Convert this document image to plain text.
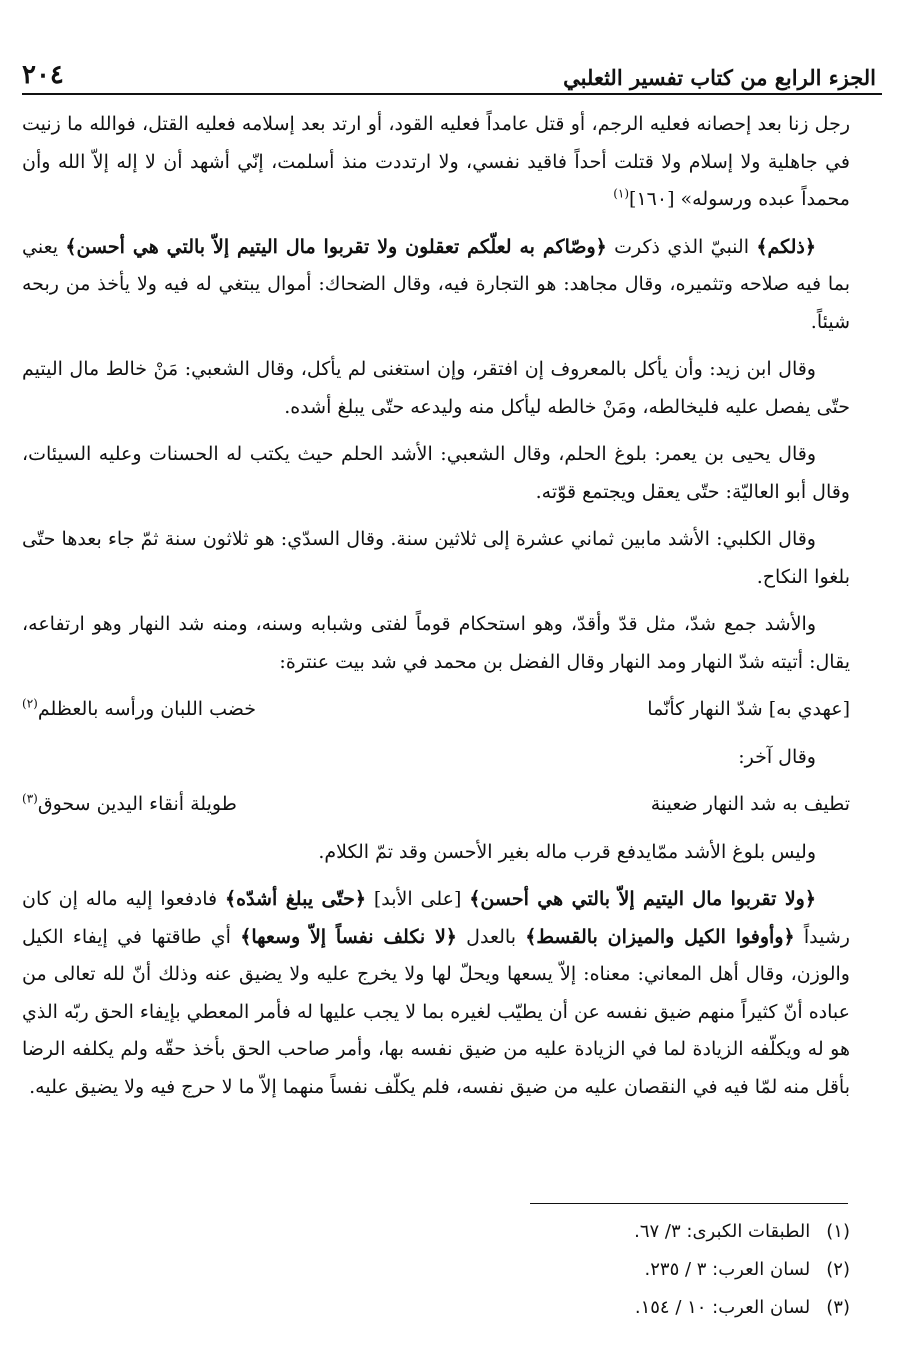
٢٠٤	الجزء الرابع من كتاب تفسير الثعلبي

رجل زنا بعد إحصانه فعليه الرجم، أو قتل عامداً فعليه القود، أو ارتد بعد إسلامه فعليه القتل، فوالله ما زنيت في جاهلية ولا إسلام ولا قتلت أحداً فاقيد نفسي، ولا ارتددت منذ أسلمت، إنّي أشهد أن لا إله إلاّ الله وأن محمداً عبده ورسوله» [١٦٠]$^{(١)}$

﴿ذلكم﴾ النبيّ الذي ذكرت ﴿وصّاكم به لعلّكم تعقلون ولا تقربوا مال اليتيم إلاّ بالتي هي أحسن﴾ يعني بما فيه صلاحه وتثميره، وقال مجاهد: هو التجارة فيه، وقال الضحاك: أموال يبتغي له فيه ولا يأخذ من ربحه شيئاً.

وقال ابن زيد: وأن يأكل بالمعروف إن افتقر، وإن استغنى لم يأكل، وقال الشعبي: مَنْ خالط مال اليتيم حتّى يفصل عليه فليخالطه، ومَنْ خالطه ليأكل منه وليدعه حتّى يبلغ أشده.

وقال يحيى بن يعمر: بلوغ الحلم، وقال الشعبي: الأشد الحلم حيث يكتب له الحسنات وعليه السيئات، وقال أبو العاليّة: حتّى يعقل ويجتمع قوّته.

وقال الكلبي: الأشد مابين ثماني عشرة إلى ثلاثين سنة. وقال السدّي: هو ثلاثون سنة ثمّ جاء بعدها حتّى بلغوا النكاح.

والأشد جمع شدّ، مثل قدّ وأقدّ، وهو استحكام قوماً لفتى وشبابه وسنه، ومنه شد النهار وهو ارتفاعه، يقال: أتيته شدّ النهار ومد النهار وقال الفضل بن محمد في شد بيت عنترة:

[عهدي به] شدّ النهار كأنّما
خضب اللبان ورأسه بالعظلم$^{(٢)}$

وقال آخر:

تطيف به شد النهار ضعينة
طويلة أنقاء اليدين سحوق$^{(٣)}$

وليس بلوغ الأشد ممّايدفع قرب ماله بغير الأحسن وقد تمّ الكلام.

﴿ولا تقربوا مال اليتيم إلاّ بالتي هي أحسن﴾ [على الأبد] ﴿حتّى يبلغ أشدّه﴾ فادفعوا إليه ماله إن كان رشيداً ﴿وأوفوا الكيل والميزان بالقسط﴾ بالعدل ﴿لا نكلف نفساً إلاّ وسعها﴾ أي طاقتها في إيفاء الكيل والوزن، وقال أهل المعاني: معناه: إلاّ يسعها ويحلّ لها ولا يخرج عليه ولا يضيق عنه وذلك أنّ لله تعالى من عباده أنّ كثيراً منهم ضيق نفسه عن أن يطيّب لغيره بما لا يجب عليها له فأمر المعطي بإيفاء الحق ربّه الذي هو له ويكلّفه الزيادة لما في الزيادة عليه من ضيق نفسه بها، وأمر صاحب الحق بأخذ حقّه ولم يكلفه الرضا بأقل منه لمّا فيه في النقصان عليه من ضيق نفسه، فلم يكلّف نفساً منهما إلاّ ما لا حرج فيه ولا يضيق عليه.

(١)
الطبقات الكبرى: ٣/ ٦٧.
(٢)
لسان العرب: ٣ / ٢٣٥.
(٣)
لسان العرب: ١٠ / ١٥٤.
